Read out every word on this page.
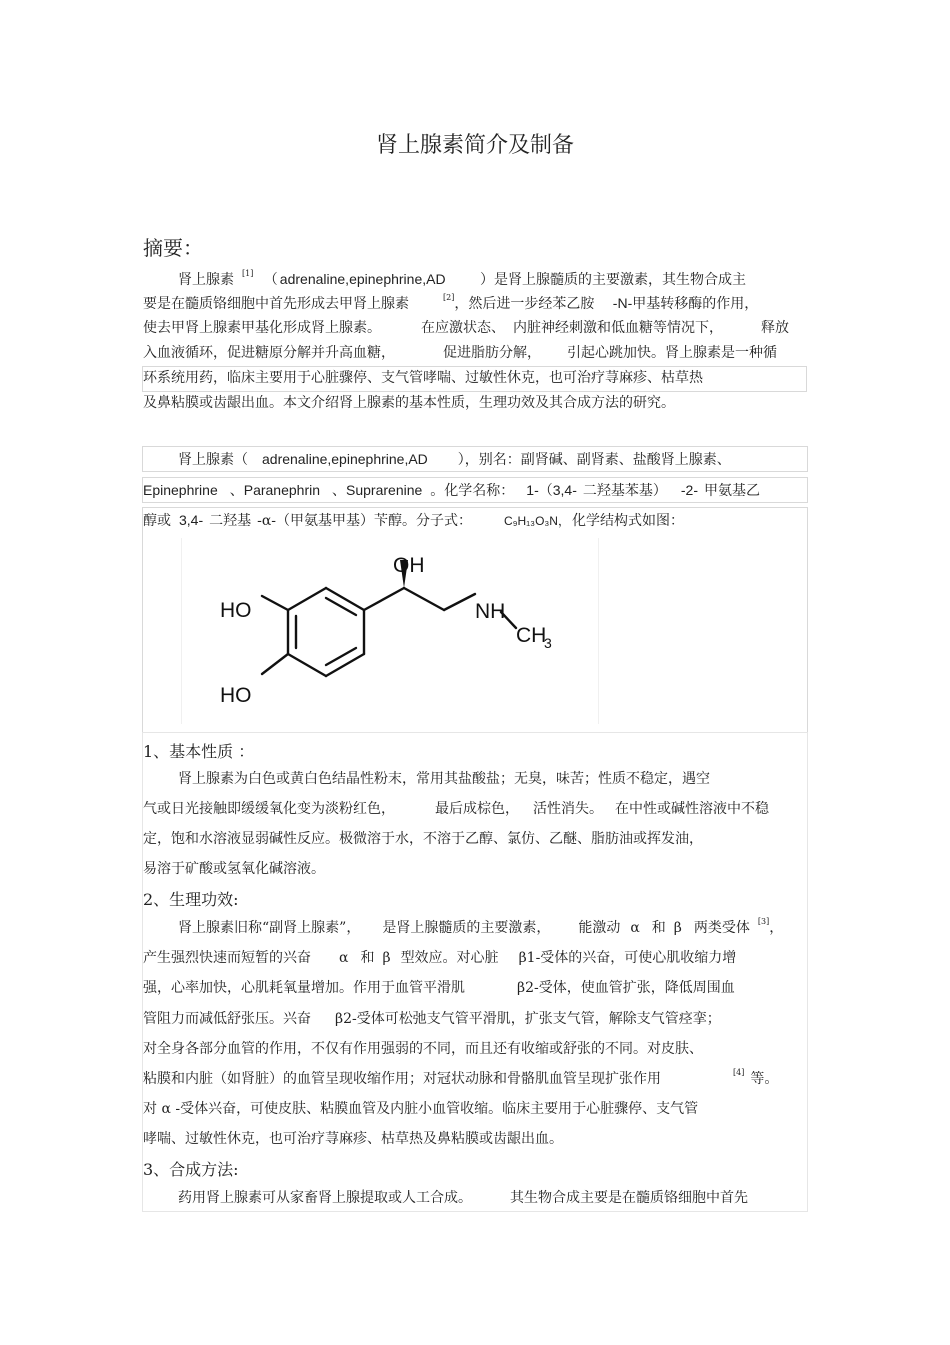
肾上腺素简介及制备
摘要：
肾上腺素 [1] （ adrenaline,epinephrine,AD ）是肾上腺髓质的主要激素，其生物合成主
要是在髓质铬细胞中首先形成去甲肾上腺素	[2]，然后进一步经苯乙胺 -N-甲基转移酶的作用，
使去甲肾上腺素甲基化形成肾上腺素。	在应激状态、 内脏神经刺激和低血糖等情况下，	释放
入血液循环，促进糖原分解并升高血糖，	促进脂肪分解， 引起心跳加快。肾上腺素是一种循
环系统用药，临床主要用于心脏骤停、支气管哮喘、过敏性休克，也可治疗荨麻疹、枯草热
及鼻粘膜或齿龈出血。本文介绍肾上腺素的基本性质，生理功效及其合成方法的研究。
肾上腺素（ adrenaline,epinephrine,AD ），别名：副肾碱、副肾素、盐酸肾上腺素、
Epinephrine 、Paranephrin 、Suprarenine 。化学名称： 1-（3,4- 二羟基苯基） -2- 甲氨基乙
醇或 3,4- 二羟基 -α-（甲氨基甲基）苄醇。分子式：	C₉H₁₃O₃N， 化学结构式如图：
OH
HO
HO
NH
CH
3
1、基本性质 ：
肾上腺素为白色或黄白色结晶性粉末，常用其盐酸盐；无臭，味苦；性质不稳定，遇空
气或日光接触即缓缓氧化变为淡粉红色，	最后成棕色， 活性消失。 在中性或碱性溶液中不稳
定，饱和水溶液显弱碱性反应。极微溶于水，不溶于乙醇、氯仿、乙醚、脂肪油或挥发油，
易溶于矿酸或氢氧化碱溶液。
2、生理功效:
肾上腺素旧称“副肾上腺素”， 是肾上腺髓质的主要激素， 能激动 α 和 β 两类受体 [3]，
产生强烈快速而短暂的兴奋 α 和 β 型效应。对心脏 β1-受体的兴奋，可使心肌收缩力增
强，心率加快，心肌耗氧量增加。作用于血管平滑肌	β2-受体，使血管扩张，降低周围血
管阻力而减低舒张压。兴奋 β2-受体可松弛支气管平滑肌，扩张支气管，解除支气管痉挛；
对全身各部分血管的作用，不仅有作用强弱的不同，而且还有收缩或舒张的不同。对皮肤、
粘膜和内脏（如肾脏）的血管呈现收缩作用；对冠状动脉和骨骼肌血管呈现扩张作用	[4] 等。
对 α -受体兴奋，可使皮肤、粘膜血管及内脏小血管收缩。临床主要用于心脏骤停、支气管
哮喘、过敏性休克，也可治疗荨麻疹、枯草热及鼻粘膜或齿龈出血。
3、合成方法:
药用肾上腺素可从家畜肾上腺提取或人工合成。	其生物合成主要是在髓质铬细胞中首先
